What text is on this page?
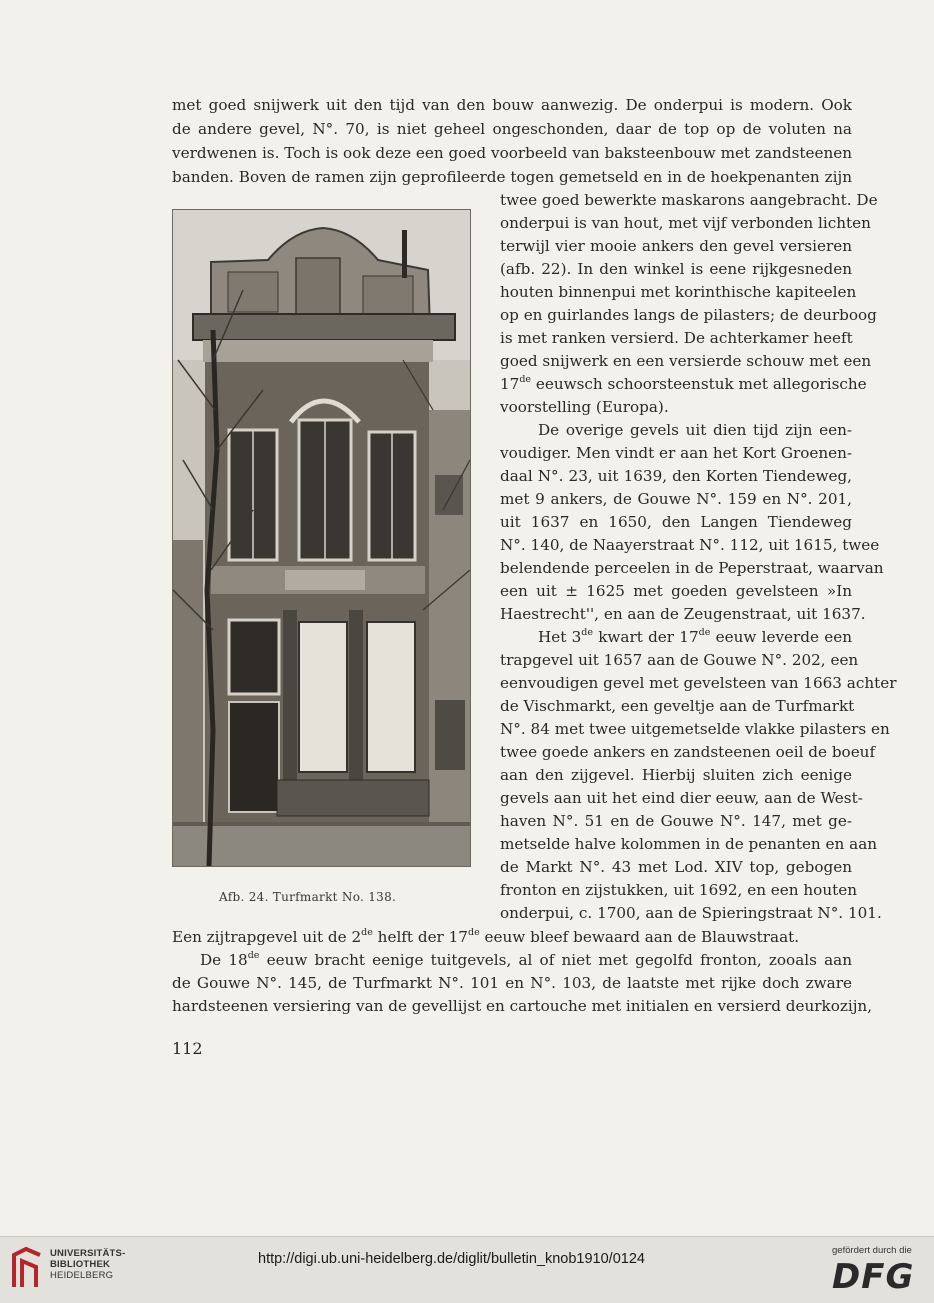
met goed snijwerk uit den tijd van den bouw aanwezig. De onderpui is modern. Ook
de andere gevel, N°. 70, is niet geheel ongeschonden, daar de top op de voluten na
verdwenen is. Toch is ook deze een goed voorbeeld van baksteenbouw met zandsteenen
banden. Boven de ramen zijn geprofileerde togen gemetseld en in de hoekpenanten zijn
twee goed bewerkte maskarons aangebracht. De
onderpui is van hout, met vijf verbonden lichten
terwijl vier mooie ankers den gevel versieren
(afb. 22). In den winkel is eene rijkgesneden
houten binnenpui met korinthische kapiteelen
op en guirlandes langs de pilasters; de deurboog
is met ranken versierd. De achterkamer heeft
goed snijwerk en een versierde schouw met een
17de eeuwsch schoorsteenstuk met allegorische
voorstelling (Europa).
De overige gevels uit dien tijd zijn een-
voudiger. Men vindt er aan het Kort Groenen-
daal N°. 23, uit 1639, den Korten Tiendeweg,
met 9 ankers, de Gouwe N°. 159 en N°. 201,
uit 1637 en 1650, den Langen Tiendeweg
N°. 140, de Naayerstraat N°. 112, uit 1615, twee
belendende perceelen in de Peperstraat, waarvan
een uit ± 1625 met goeden gevelsteen »In
Haestrecht'', en aan de Zeugenstraat, uit 1637.
Het 3de kwart der 17de eeuw leverde een
trapgevel uit 1657 aan de Gouwe N°. 202, een
eenvoudigen gevel met gevelsteen van 1663 achter
de Vischmarkt, een geveltje aan de Turfmarkt
N°. 84 met twee uitgemetselde vlakke pilasters en
twee goede ankers en zandsteenen oeil de boeuf
aan den zijgevel. Hierbij sluiten zich eenige
gevels aan uit het eind dier eeuw, aan de West-
haven N°. 51 en de Gouwe N°. 147, met ge-
metselde halve kolommen in de penanten en aan
de Markt N°. 43 met Lod. XIV top, gebogen
fronton en zijstukken, uit 1692, en een houten
onderpui, c. 1700, aan de Spieringstraat N°. 101.
Een zijtrapgevel uit de 2de helft der 17de eeuw bleef bewaard aan de Blauwstraat.
De 18de eeuw bracht eenige tuitgevels, al of niet met gegolfd fronton, zooals aan
de Gouwe N°. 145, de Turfmarkt N°. 101 en N°. 103, de laatste met rijke doch zware
hardsteenen versiering van de gevellijst en cartouche met initialen en versierd deurkozijn,
Afb. 24. Turfmarkt No. 138.
112
UNIVERSITÄTS-
BIBLIOTHEK
HEIDELBERG
http://digi.ub.uni-heidelberg.de/diglit/bulletin_knob1910/0124
gefördert durch die
DFG
